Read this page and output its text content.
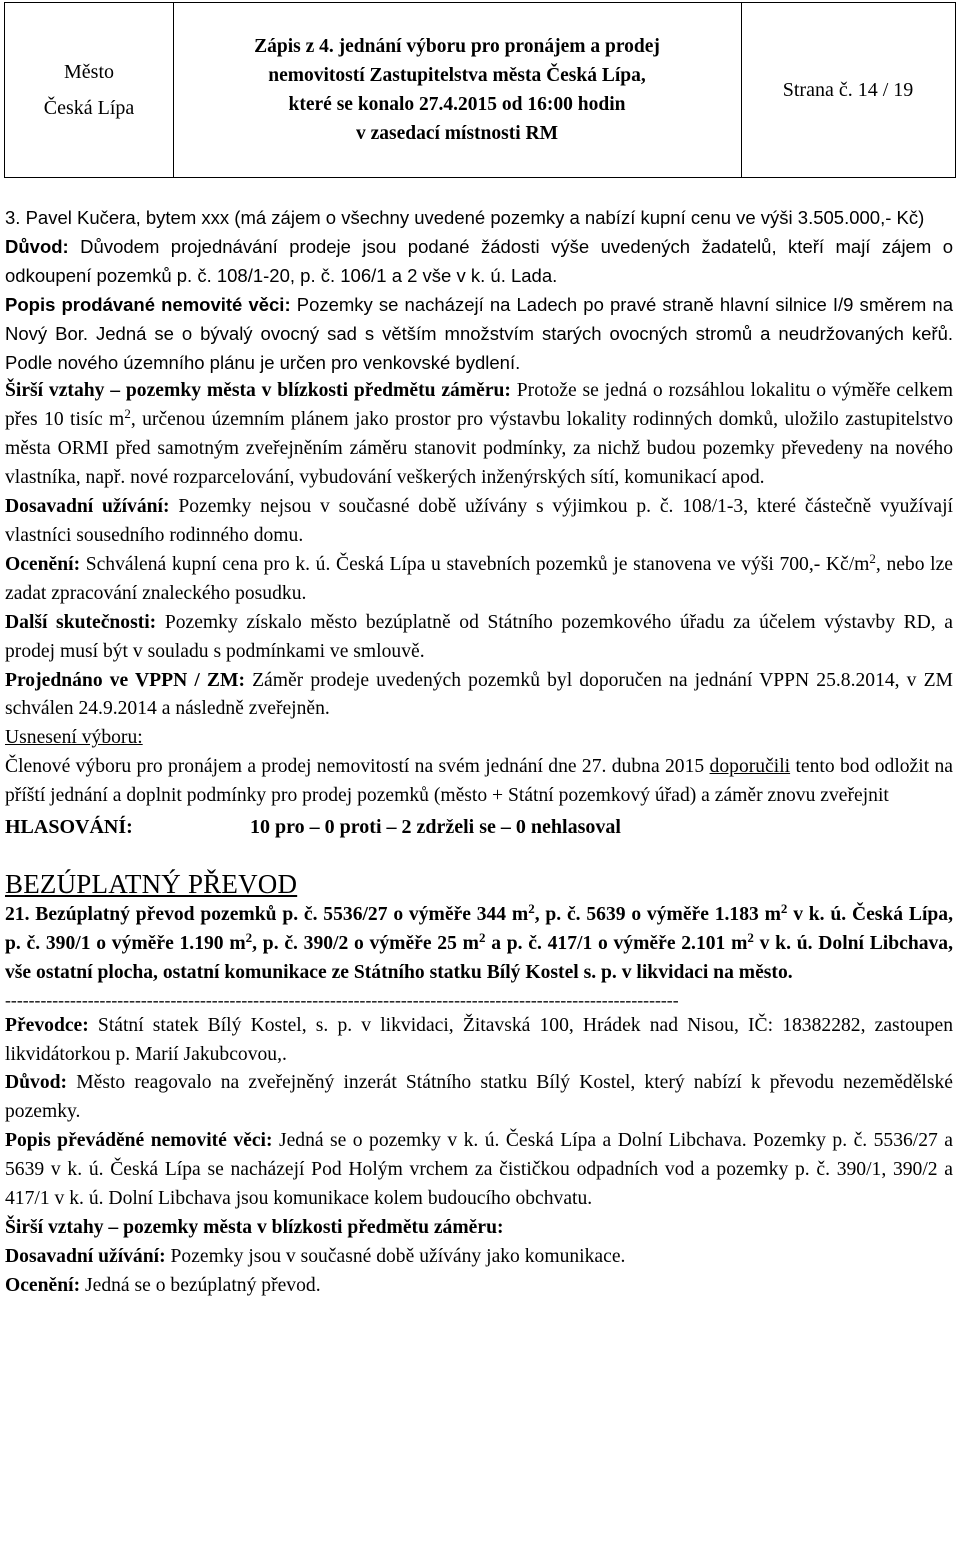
Město
Česká Lípa
Zápis z 4. jednání výboru pro pronájem a prodej
nemovitostí Zastupitelstva města Česká Lípa,
které se konalo 27.4.2015 od 16:00 hodin
v zasedací místnosti RM
Strana č. 14 / 19

3. Pavel Kučera, bytem xxx (má zájem o všechny uvedené pozemky a nabízí kupní cenu ve výši 3.505.000,- Kč)

Důvod: Důvodem projednávání prodeje jsou podané žádosti výše uvedených žadatelů, kteří mají zájem o odkoupení pozemků p. č. 108/1-20, p. č. 106/1 a 2 vše v k. ú. Lada.

Popis prodávané nemovité věci: Pozemky se nacházejí na Ladech po pravé straně hlavní silnice I/9 směrem na Nový Bor. Jedná se o bývalý ovocný sad s větším množstvím starých ovocných stromů a neudržovaných keřů. Podle nového územního plánu je určen pro venkovské bydlení.

Širší vztahy – pozemky města v blízkosti předmětu záměru: Protože se jedná o rozsáhlou lokalitu o výměře celkem přes 10 tisíc $m^2$, určenou územním plánem jako prostor pro výstavbu lokality rodinných domků, uložilo zastupitelstvo města ORMI před samotným zveřejněním záměru stanovit podmínky, za nichž budou pozemky převedeny na nového vlastníka, např. nové rozparcelování, vybudování veškerých inženýrských sítí, komunikací apod.

Dosavadní užívání: Pozemky nejsou v současné době užívány s výjimkou p. č. 108/1-3, které částečně využívají vlastníci sousedního rodinného domu.

Ocenění: Schválená kupní cena pro k. ú. Česká Lípa u stavebních pozemků je stanovena ve výši 700,- $Kč/m^2$, nebo lze zadat zpracování znaleckého posudku.

Další skutečnosti: Pozemky získalo město bezúplatně od Státního pozemkového úřadu za účelem výstavby RD, a prodej musí být v souladu s podmínkami ve smlouvě.

Projednáno ve VPPN / ZM: Záměr prodeje uvedených pozemků byl doporučen na jednání VPPN 25.8.2014, v ZM schválen 24.9.2014 a následně zveřejněn.

Usnesení výboru:

Členové výboru pro pronájem a prodej nemovitostí na svém jednání dne 27. dubna 2015 doporučili tento bod odložit na příští jednání a doplnit podmínky pro prodej pozemků (město + Státní pozemkový úřad) a záměr znovu zveřejnit

HLASOVÁNÍ:	10 pro – 0 proti – 2 zdrželi se – 0 nehlasoval
BEZÚPLATNÝ PŘEVOD

21. Bezúplatný převod pozemků p. č. 5536/27 o výměře 344 $m^2$, p. č. 5639 o výměře 1.183 $m^2$ v k. ú. Česká Lípa, p. č. 390/1 o výměře 1.190 $m^2$, p. č. 390/2 o výměře 25 $m^2$ a p. č. 417/1 o výměře 2.101 $m^2$ v k. ú. Dolní Libchava, vše ostatní plocha, ostatní komunikace ze Státního statku Bílý Kostel s. p. v likvidaci na město.

------------------------------------------------------------------------------------------------------------------

Převodce: Státní statek Bílý Kostel, s. p. v likvidaci, Žitavská 100, Hrádek nad Nisou, IČ: 18382282, zastoupen likvidátorkou p. Marií Jakubcovou,.

Důvod: Město reagovalo na zveřejněný inzerát Státního statku Bílý Kostel, který nabízí k převodu nezemědělské pozemky.

Popis převáděné nemovité věci: Jedná se o pozemky v k. ú. Česká Lípa a Dolní Libchava. Pozemky p. č. 5536/27 a 5639 v k. ú. Česká Lípa se nacházejí Pod Holým vrchem za čističkou odpadních vod a pozemky p. č. 390/1, 390/2 a 417/1 v k. ú. Dolní Libchava jsou komunikace kolem budoucího obchvatu.

Širší vztahy – pozemky města v blízkosti předmětu záměru:

Dosavadní užívání: Pozemky jsou v současné době užívány jako komunikace.

Ocenění: Jedná se o bezúplatný převod.
